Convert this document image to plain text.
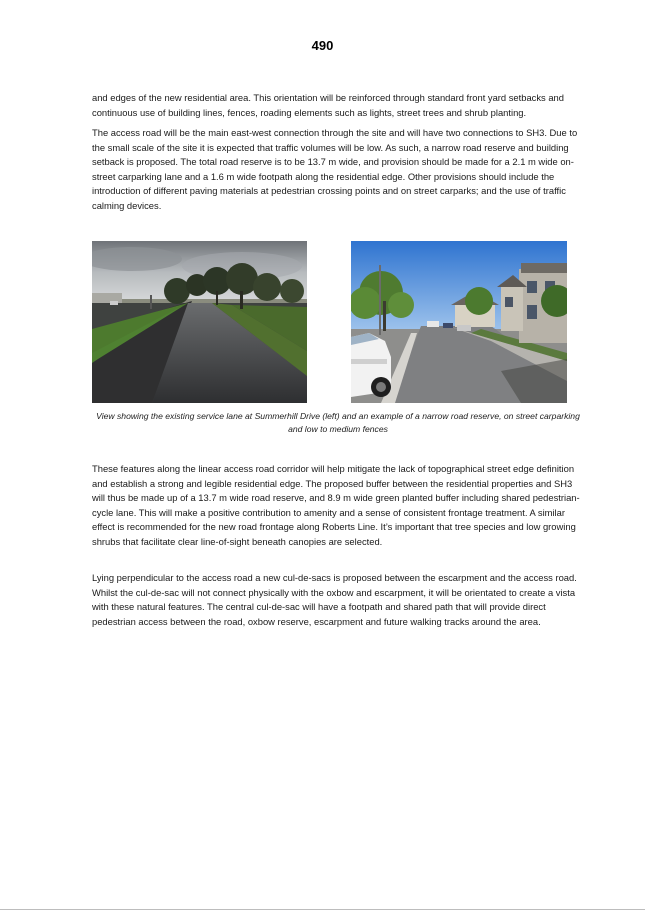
490

and edges of the new residential area. This orientation will be reinforced through standard front yard setbacks and continuous use of building lines, fences, roading elements such as lights, street trees and shrub planting.

The access road will be the main east-west connection through the site and will have two connections to SH3. Due to the small scale of the site it is expected that traffic volumes will be low. As such, a narrow road reserve and building setback is proposed. The total road reserve is to be 13.7 m wide, and provision should be made for a 2.1 m wide on-street carparking lane and a 1.6 m wide footpath along the residential edge. Other provisions should include the introduction of different paving materials at pedestrian crossing points and on street carparks; and the use of traffic calming devices.

View showing the existing service lane at Summerhill Drive (left) and an example of a narrow road reserve, on street carparking and low to medium fences

These features along the linear access road corridor will help mitigate the lack of topographical street edge definition and establish a strong and legible residential edge. The proposed buffer between the residential properties and SH3 will thus be made up of a 13.7 m wide road reserve, and 8.9 m wide green planted buffer including shared pedestrian-cycle lane. This will make a positive contribution to amenity and a sense of consistent frontage treatment. A similar effect is recommended for the new road frontage along Roberts Line. It’s important that tree species and low growing shrubs that facilitate clear line-of-sight beneath canopies are selected.

Lying perpendicular to the access road a new cul-de-sacs is proposed between the escarpment and the access road. Whilst the cul-de-sac will not connect physically with the oxbow and escarpment, it will be orientated to create a vista with these natural features. The central cul-de-sac will have a footpath and shared path that will provide direct pedestrian access between the road, oxbow reserve, escarpment and future walking tracks around the area.
